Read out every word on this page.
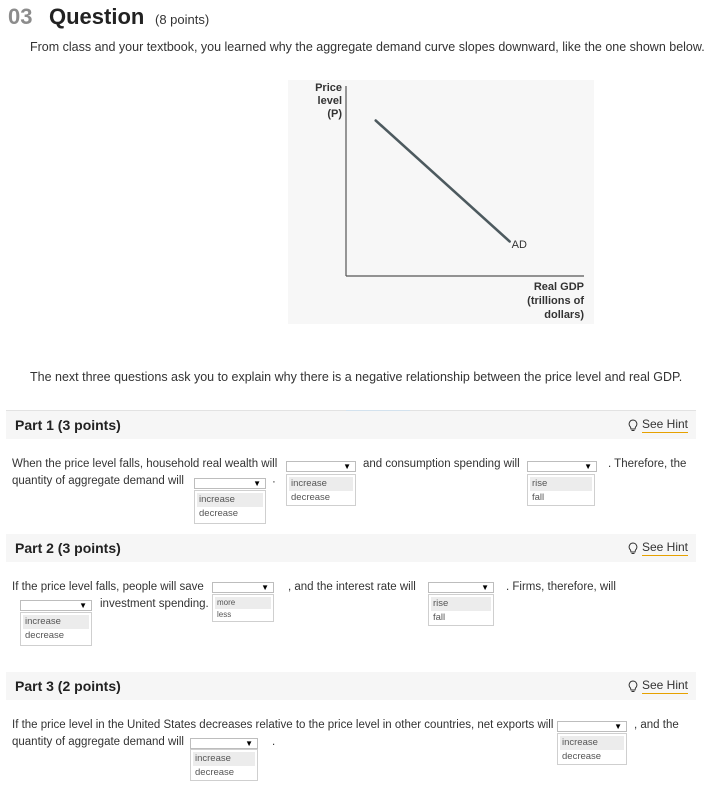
03 Question (8 points)
From class and your textbook, you learned why the aggregate demand curve slopes downward, like the one shown below.
Price level
(P)
AD
Real GDP
(trillions of
dollars)
The next three questions ask you to explain why there is a negative relationship between the price level and real GDP.
Part 1 (3 points)	See Hint
When the price level falls, household real wealth will	▼
· increase
decrease
and consumption spending will	▼
rise
fall
. Therefore, the
quantity of aggregate demand will	▼
increase
decrease
Part 2 (3 points)	See Hint
If the price level falls, people will save	▼
more
less
, and the interest rate will	▼
rise
fall
. Firms, therefore, will
▼
increase
decrease
investment spending.
Part 3 (2 points)	See Hint
If the price level in the United States decreases relative to the price level in other countries, net exports will	▼
increase
decrease
, and the
quantity of aggregate demand will	▼
increase
decrease
.
